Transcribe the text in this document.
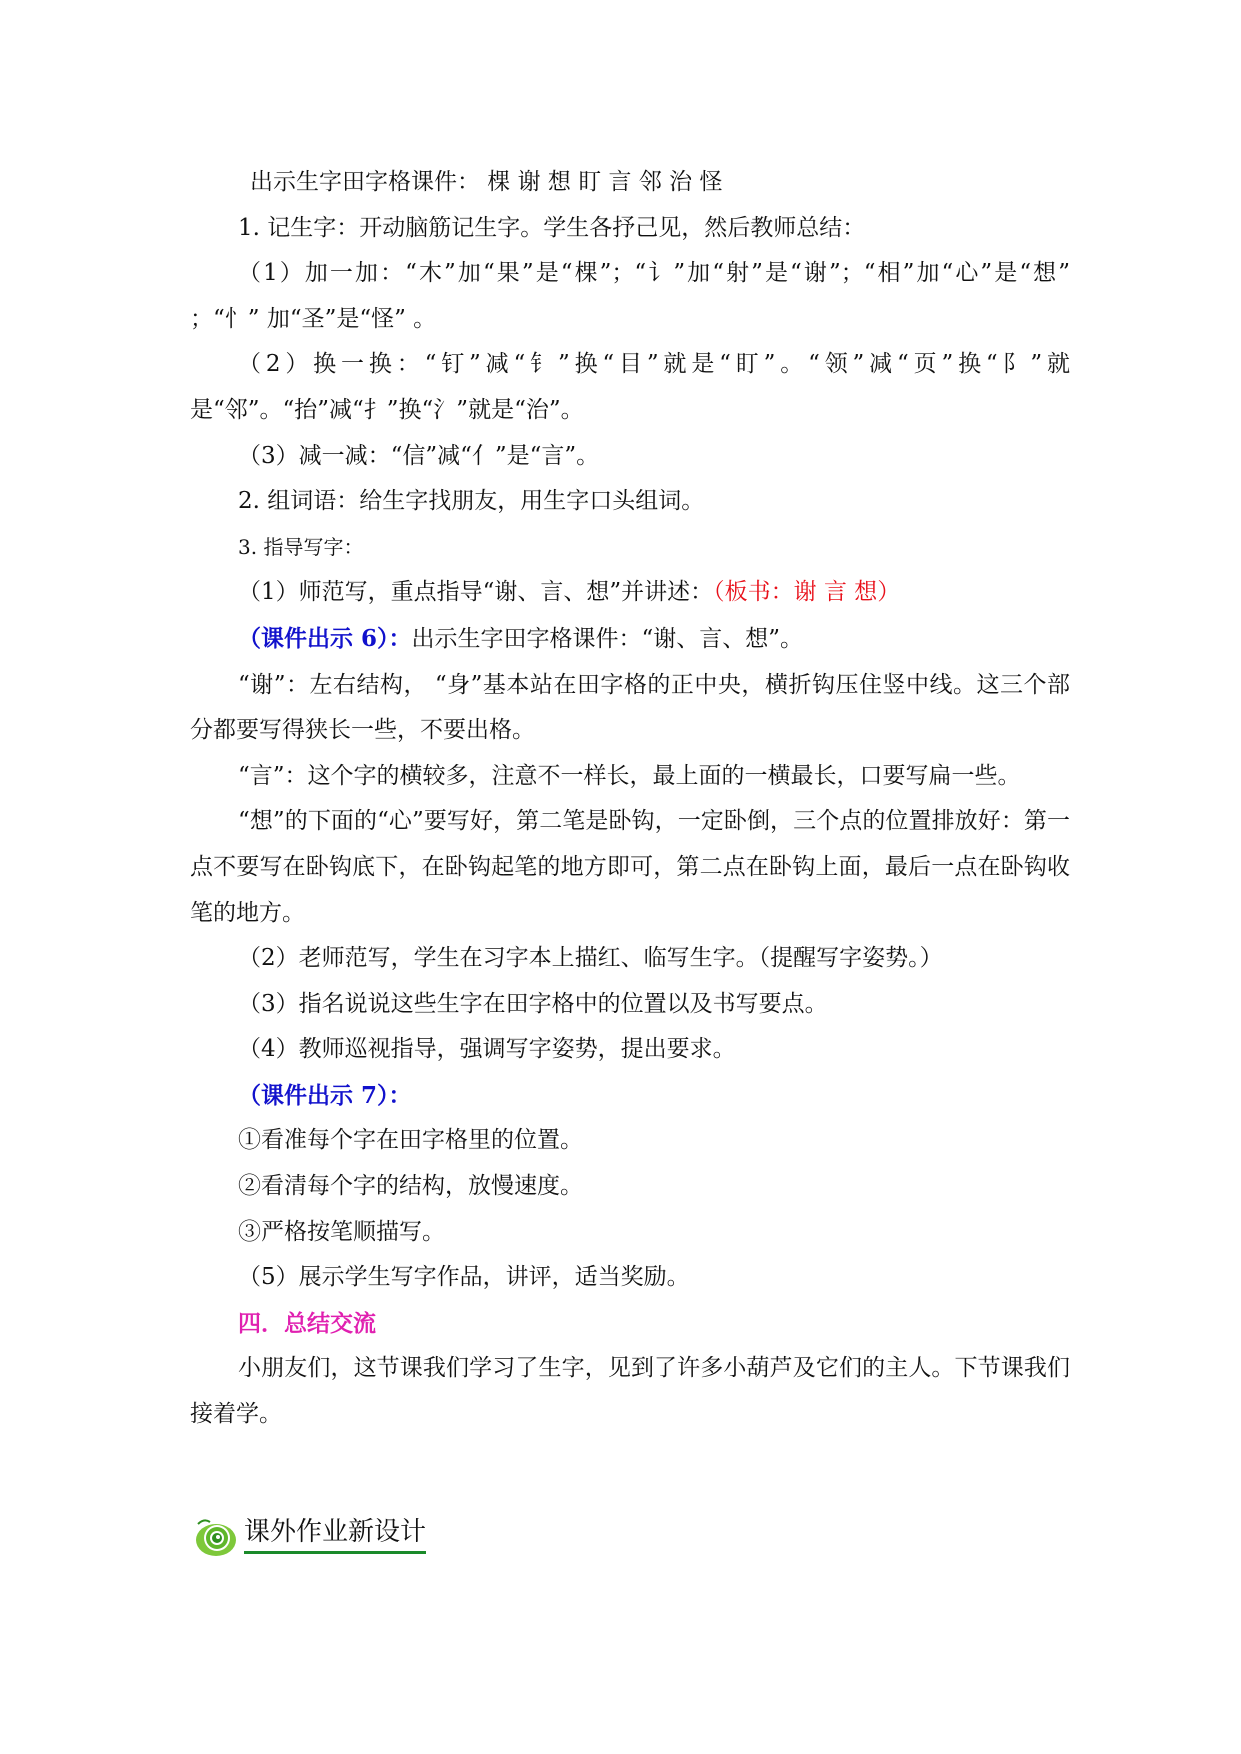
出示生字田字格课件： 棵 谢 想 盯 言 邻 治 怪
1. 记生字：开动脑筋记生字。学生各抒己见，然后教师总结：
（1）加一加：“木”加“果”是“棵”；“讠”加“射”是“谢”；“相”加“心”是“想” ；“忄” 加“圣”是“怪” 。
（2）换一换：“钉”减“钅”换“目”就是“盯”。“领”减“页”换“阝”就是“邻”。“抬”减“扌”换“氵”就是“治”。
（3）减一减：“信”减“亻”是“言”。
2. 组词语：给生字找朋友，用生字口头组词。
3. 指导写字：
（1）师范写，重点指导“谢、言、想”并讲述：（板书：谢 言 想）
（课件出示 6）：出示生字田字格课件：“谢、言、想”。
“谢”：左右结构， “身”基本站在田字格的正中央，横折钩压住竖中线。这三个部分都要写得狭长一些，不要出格。
“言”：这个字的横较多，注意不一样长，最上面的一横最长，口要写扁一些。
“想”的下面的“心”要写好，第二笔是卧钩，一定卧倒，三个点的位置排放好：第一点不要写在卧钩底下，在卧钩起笔的地方即可，第二点在卧钩上面，最后一点在卧钩收笔的地方。
（2）老师范写，学生在习字本上描红、临写生字。（提醒写字姿势。）
（3）指名说说这些生字在田字格中的位置以及书写要点。
（4）教师巡视指导，强调写字姿势，提出要求。
（课件出示 7）：
①看准每个字在田字格里的位置。
②看清每个字的结构，放慢速度。
③严格按笔顺描写。
（5）展示学生写字作品，讲评，适当奖励。
四．总结交流
小朋友们，这节课我们学习了生字，见到了许多小葫芦及它们的主人。下节课我们接着学。
课外作业新设计
